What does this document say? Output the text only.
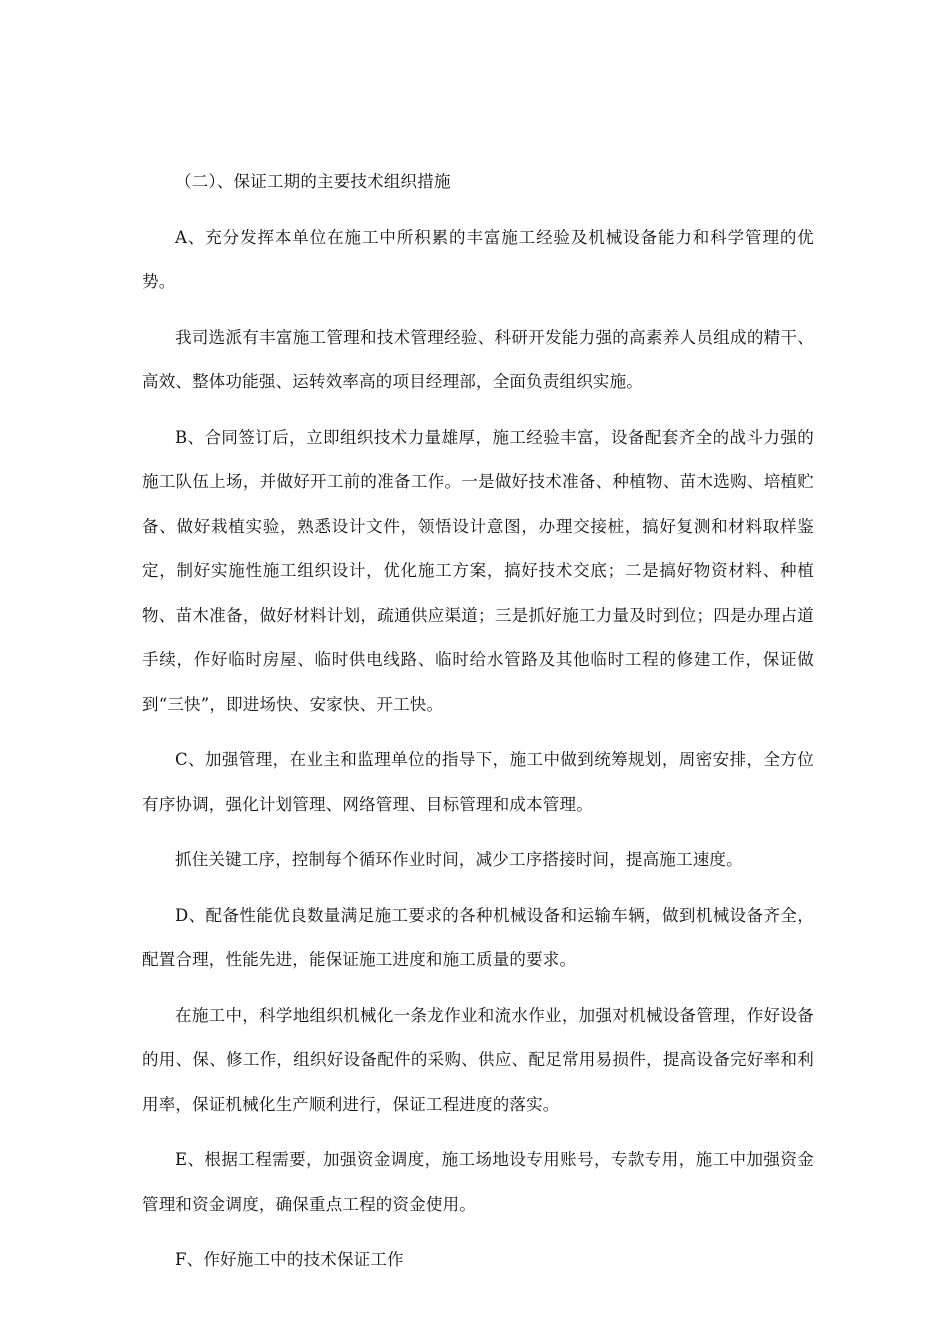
（二）、保证工期的主要技术组织措施

A、充分发挥本单位在施工中所积累的丰富施工经验及机械设备能力和科学管理的优势。

我司选派有丰富施工管理和技术管理经验、科研开发能力强的高素养人员组成的精干、高效、整体功能强、运转效率高的项目经理部，全面负责组织实施。

B、合同签订后，立即组织技术力量雄厚，施工经验丰富，设备配套齐全的战斗力强的施工队伍上场，并做好开工前的准备工作。一是做好技术准备、种植物、苗木选购、培植贮备、做好栽植实验，熟悉设计文件，领悟设计意图，办理交接桩，搞好复测和材料取样鉴定，制好实施性施工组织设计，优化施工方案，搞好技术交底；二是搞好物资材料、种植物、苗木准备，做好材料计划，疏通供应渠道；三是抓好施工力量及时到位；四是办理占道手续，作好临时房屋、临时供电线路、临时给水管路及其他临时工程的修建工作，保证做到“三快”，即进场快、安家快、开工快。

C、加强管理，在业主和监理单位的指导下，施工中做到统筹规划，周密安排，全方位有序协调，强化计划管理、网络管理、目标管理和成本管理。

抓住关键工序，控制每个循环作业时间，减少工序搭接时间，提高施工速度。

D、配备性能优良数量满足施工要求的各种机械设备和运输车辆，做到机械设备齐全，配置合理，性能先进，能保证施工进度和施工质量的要求。

在施工中，科学地组织机械化一条龙作业和流水作业，加强对机械设备管理，作好设备的用、保、修工作，组织好设备配件的采购、供应、配足常用易损件，提高设备完好率和利用率，保证机械化生产顺利进行，保证工程进度的落实。

E、根据工程需要，加强资金调度，施工场地设专用账号，专款专用，施工中加强资金管理和资金调度，确保重点工程的资金使用。

F、作好施工中的技术保证工作
